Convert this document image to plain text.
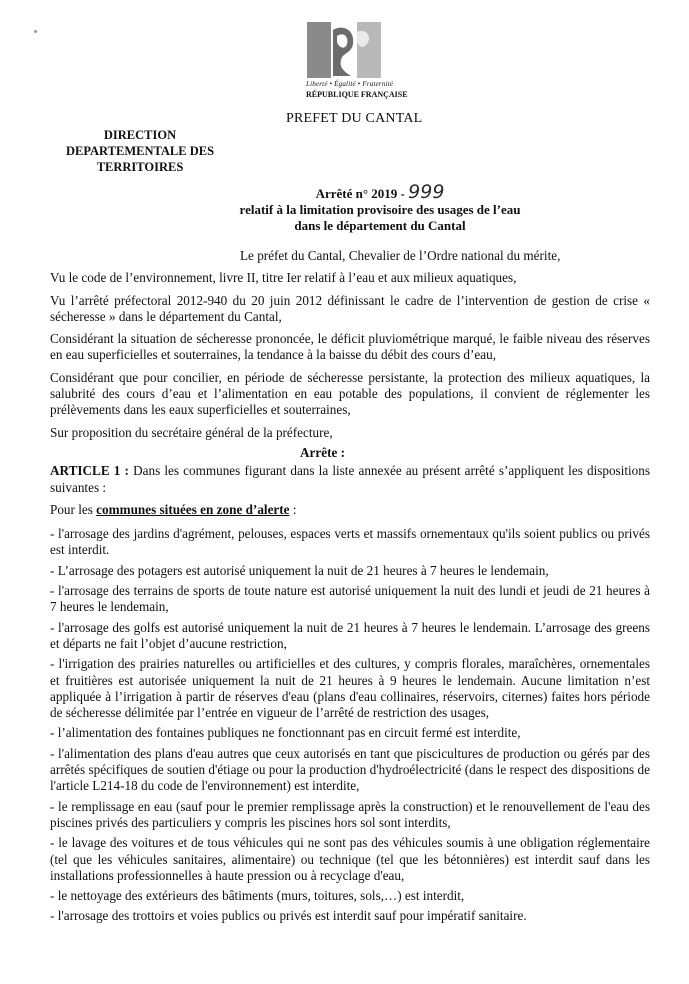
Liberté • Égalité • Fraternité
RÉPUBLIQUE FRANÇAISE
PREFET DU CANTAL
DIRECTION
DEPARTEMENTALE DES
TERRITOIRES
Arrêté n° 2019 - 999
relatif à la limitation provisoire des usages de l’eau
dans le département du Cantal

Le préfet du Cantal, Chevalier de l’Ordre national du mérite,

Vu le code de l’environnement, livre II, titre Ier relatif à l’eau et aux milieux aquatiques,

Vu l’arrêté préfectoral 2012-940 du 20 juin 2012 définissant le cadre de l’intervention de gestion de crise « sécheresse » dans le département du Cantal,

Considérant la situation de sécheresse prononcée, le déficit pluviométrique marqué, le faible niveau des réserves en eau superficielles et souterraines, la tendance à la baisse du débit des cours d’eau,

Considérant que pour concilier, en période de sécheresse persistante, la protection des milieux aquatiques, la salubrité des cours d’eau et l’alimentation en eau potable des populations, il convient de réglementer les prélèvements dans les eaux superficielles et souterraines,

Sur proposition du secrétaire général de la préfecture,

Arrête :

ARTICLE 1 : Dans les communes figurant dans la liste annexée au présent arrêté s’appliquent les dispositions suivantes :

Pour les communes situées en zone d’alerte :

- l'arrosage des jardins d'agrément, pelouses, espaces verts et massifs ornementaux qu'ils soient publics ou privés est interdit.

- L’arrosage des potagers est autorisé uniquement la nuit de 21 heures à 7 heures le lendemain,

- l'arrosage des terrains de sports de toute nature est autorisé uniquement la nuit des lundi et jeudi de 21 heures à 7 heures le lendemain,

- l'arrosage des golfs est autorisé uniquement la nuit de 21 heures à 7 heures le lendemain. L’arrosage des greens et départs ne fait l’objet d’aucune restriction,

- l'irrigation des prairies naturelles ou artificielles et des cultures, y compris florales, maraîchères, ornementales et fruitières est autorisée uniquement la nuit de 21 heures à 9 heures le lendemain. Aucune limitation n’est appliquée à l’irrigation à partir de réserves d'eau (plans d'eau collinaires, réservoirs, citernes) faites hors période de sécheresse délimitée par l’entrée en vigueur de l’arrêté de restriction des usages,

- l’alimentation des fontaines publiques ne fonctionnant pas en circuit fermé est interdite,

- l'alimentation des plans d'eau autres que ceux autorisés en tant que piscicultures de production ou gérés par des arrêtés spécifiques de soutien d'étiage ou pour la production d'hydroélectricité (dans le respect des dispositions de l'article L214-18 du code de l'environnement) est interdite,

- le remplissage en eau (sauf pour le premier remplissage après la construction) et le renouvellement de l'eau des piscines privés des particuliers y compris les piscines hors sol sont interdits,

- le lavage des voitures et de tous véhicules qui ne sont pas des véhicules soumis à une obligation réglementaire (tel que les véhicules sanitaires, alimentaire) ou technique (tel que les bétonnières) est interdit sauf dans les installations professionnelles à haute pression ou à recyclage d'eau,

- le nettoyage des extérieurs des bâtiments (murs, toitures, sols,…) est interdit,

- l'arrosage des trottoirs et voies publics ou privés est interdit sauf pour impératif sanitaire.
